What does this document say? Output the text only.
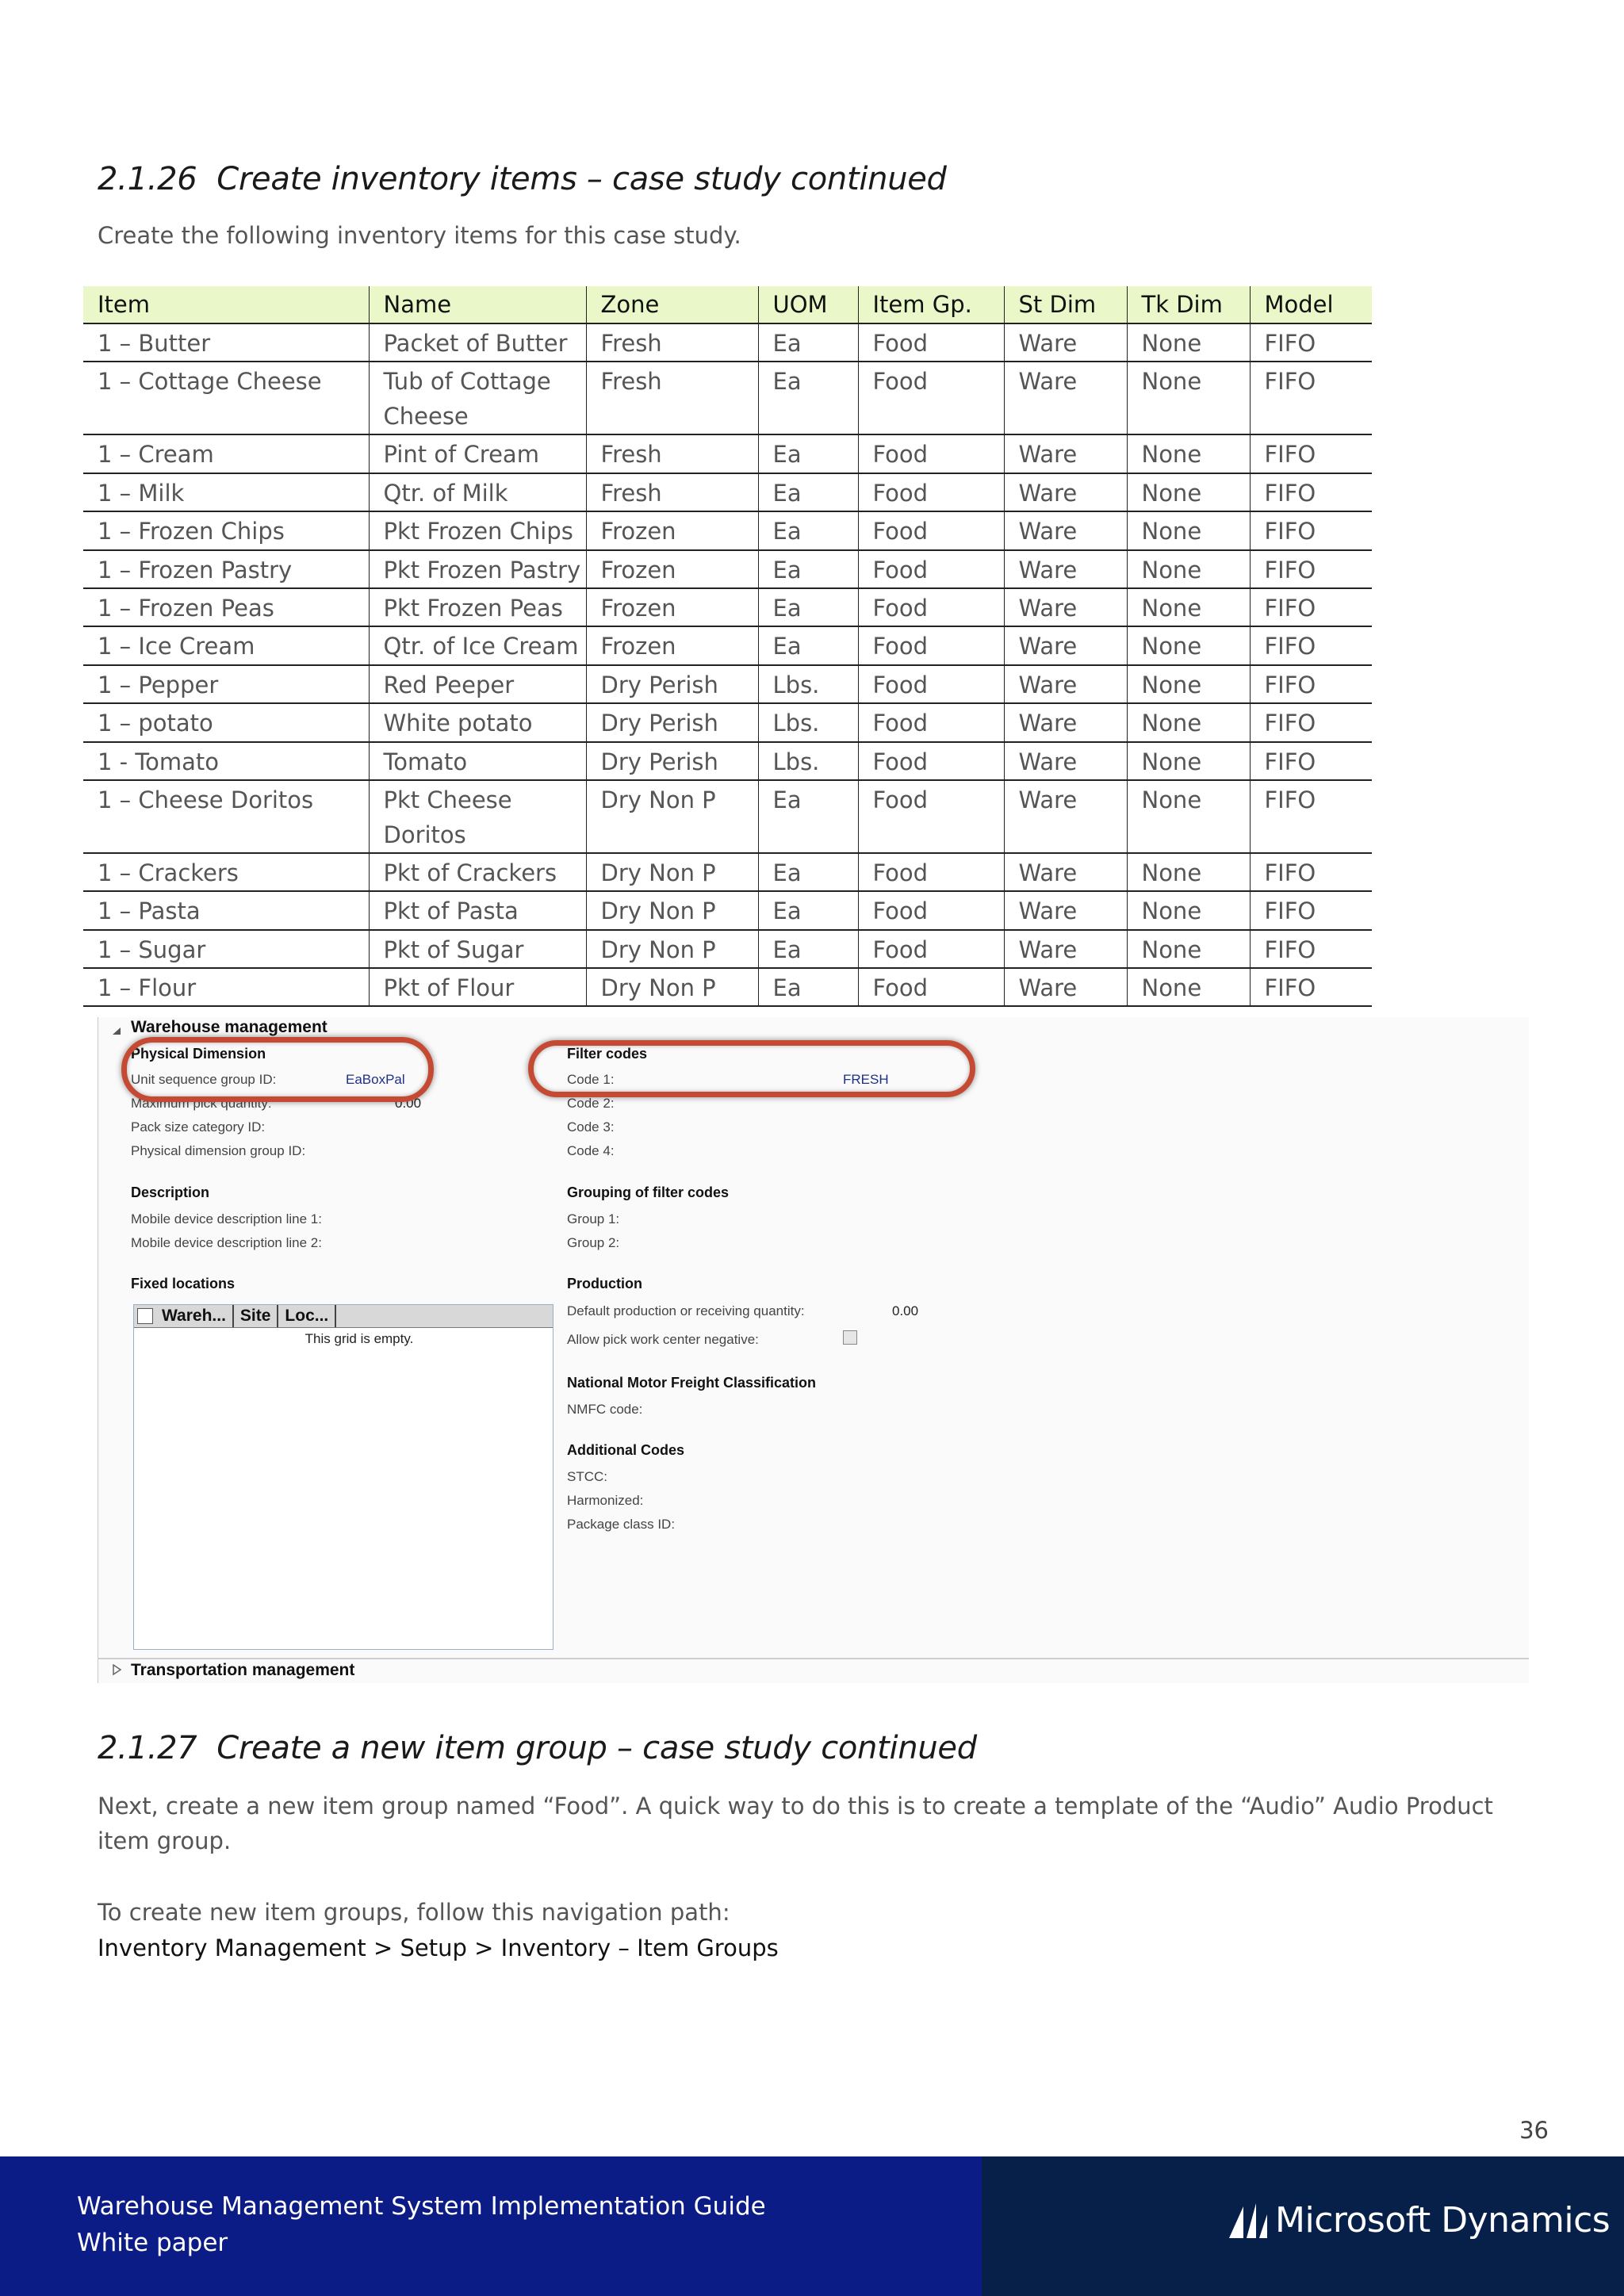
2.1.26 Create inventory items – case study continued

Create the following inventory items for this case study.

Item	Name	Zone	UOM	Item Gp.	St Dim	Tk Dim	Model
1 – Butter	Packet of Butter	Fresh	Ea	Food	Ware	None	FIFO
1 – Cottage Cheese	Tub of Cottage Cheese	Fresh	Ea	Food	Ware	None	FIFO
1 – Cream	Pint of Cream	Fresh	Ea	Food	Ware	None	FIFO
1 – Milk	Qtr. of Milk	Fresh	Ea	Food	Ware	None	FIFO
1 – Frozen Chips	Pkt Frozen Chips	Frozen	Ea	Food	Ware	None	FIFO
1 – Frozen Pastry	Pkt Frozen Pastry	Frozen	Ea	Food	Ware	None	FIFO
1 – Frozen Peas	Pkt Frozen Peas	Frozen	Ea	Food	Ware	None	FIFO
1 – Ice Cream	Qtr. of Ice Cream	Frozen	Ea	Food	Ware	None	FIFO
1 – Pepper	Red Peeper	Dry Perish	Lbs.	Food	Ware	None	FIFO
1 – potato	White potato	Dry Perish	Lbs.	Food	Ware	None	FIFO
1 - Tomato	Tomato	Dry Perish	Lbs.	Food	Ware	None	FIFO
1 – Cheese Doritos	Pkt Cheese Doritos	Dry Non P	Ea	Food	Ware	None	FIFO
1 – Crackers	Pkt of Crackers	Dry Non P	Ea	Food	Ware	None	FIFO
1 – Pasta	Pkt of Pasta	Dry Non P	Ea	Food	Ware	None	FIFO
1 – Sugar	Pkt of Sugar	Dry Non P	Ea	Food	Ware	None	FIFO
1 – Flour	Pkt of Flour	Dry Non P	Ea	Food	Ware	None	FIFO
Warehouse management
Physical Dimension
Unit sequence group ID:	EaBoxPal
Maximum pick quantity:	0.00
Pack size category ID:
Physical dimension group ID:
Description
Mobile device description line 1:
Mobile device description line 2:
Fixed locations
Wareh... Site Loc...
This grid is empty.
Filter codes
Code 1:	FRESH
Code 2:
Code 3:
Code 4:
Grouping of filter codes
Group 1:
Group 2:
Production
Default production or receiving quantity:	0.00
Allow pick work center negative:
National Motor Freight Classification
NMFC code:
Additional Codes
STCC:
Harmonized:
Package class ID:
Transportation management
2.1.27 Create a new item group – case study continued

Next, create a new item group named “Food”. A quick way to do this is to create a template of the “Audio” Audio Product item group.

To create new item groups, follow this navigation path:

Inventory Management > Setup > Inventory – Item Groups

36
Warehouse Management System Implementation Guide
White paper
Microsoft Dynamics
